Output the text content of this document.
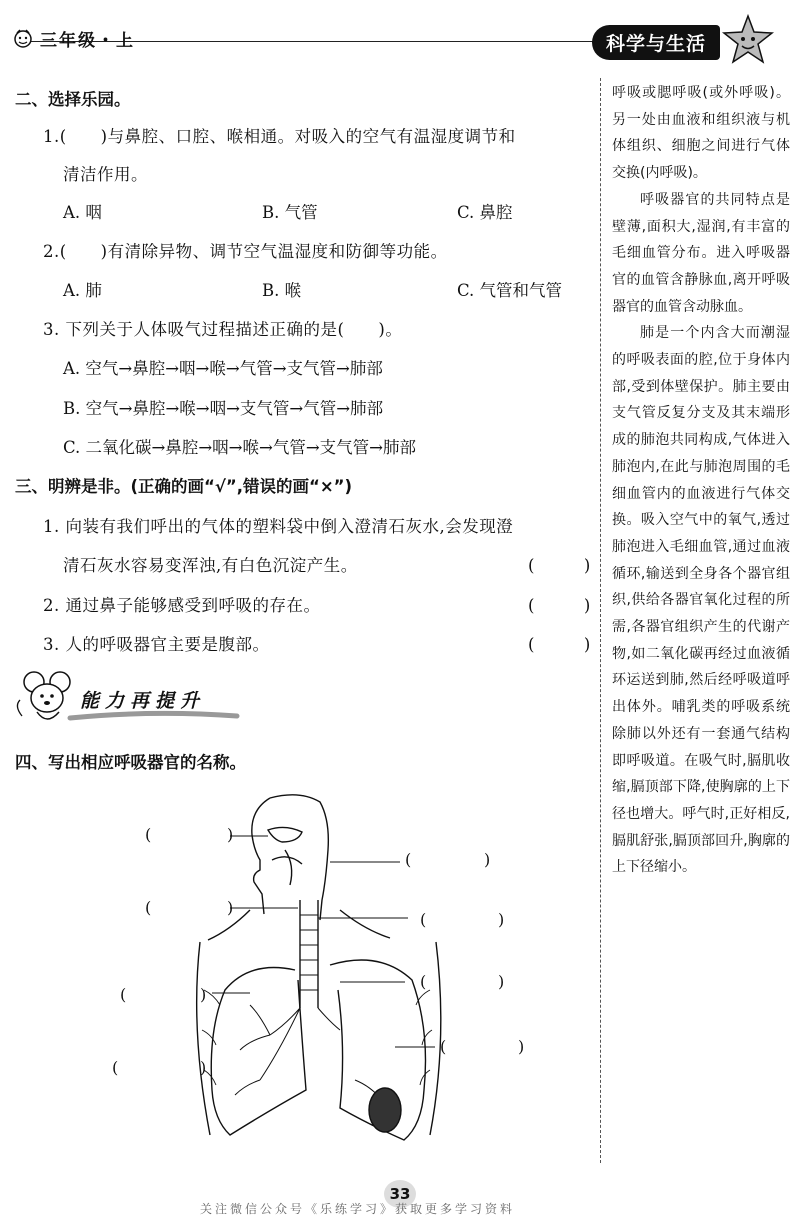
三年级・上	科学与生活
二、选择乐园。
1.(　　)与鼻腔、口腔、喉相通。对吸入的空气有温湿度调节和
清洁作用。
A. 咽	B. 气管	C. 鼻腔
2.(　　)有清除异物、调节空气温湿度和防御等功能。
A. 肺	B. 喉	C. 气管和气管
3. 下列关于人体吸气过程描述正确的是(　　)。
A. 空气→鼻腔→咽→喉→气管→支气管→肺部
B. 空气→鼻腔→喉→咽→支气管→气管→肺部
C. 二氧化碳→鼻腔→咽→喉→气管→支气管→肺部
三、明辨是非。(正确的画“√”,错误的画“×”)
1. 向装有我们呼出的气体的塑料袋中倒入澄清石灰水,会发现澄
清石灰水容易变浑浊,有白色沉淀产生。	(　　　)
2. 通过鼻子能够感受到呼吸的存在。	(　　　)
3. 人的呼吸器官主要是腹部。	(　　　)
能力再提升
四、写出相应呼吸器官的名称。
(	)
(	)
(	)
(	)
(	)
(	)
(	)
(	)

呼吸或腮呼吸(或外呼吸)。另一处由血液和组织液与机体组织、细胞之间进行气体交换(内呼吸)。

呼吸器官的共同特点是壁薄,面积大,湿润,有丰富的毛细血管分布。进入呼吸器官的血管含静脉血,离开呼吸器官的血管含动脉血。

肺是一个内含大而潮湿的呼吸表面的腔,位于身体内部,受到体壁保护。肺主要由支气管反复分支及其末端形成的肺泡共同构成,气体进入肺泡内,在此与肺泡周围的毛细血管内的血液进行气体交换。吸入空气中的氧气,透过肺泡进入毛细血管,通过血液循环,输送到全身各个器官组织,供给各器官氧化过程的所需,各器官组织产生的代谢产物,如二氧化碳再经过血液循环运送到肺,然后经呼吸道呼出体外。哺乳类的呼吸系统除肺以外还有一套通气结构即呼吸道。在吸气时,膈肌收缩,膈顶部下降,使胸廓的上下径也增大。呼气时,正好相反,膈肌舒张,膈顶部回升,胸廓的上下径缩小。

33
关注微信公众号《乐练学习》获取更多学习资料
